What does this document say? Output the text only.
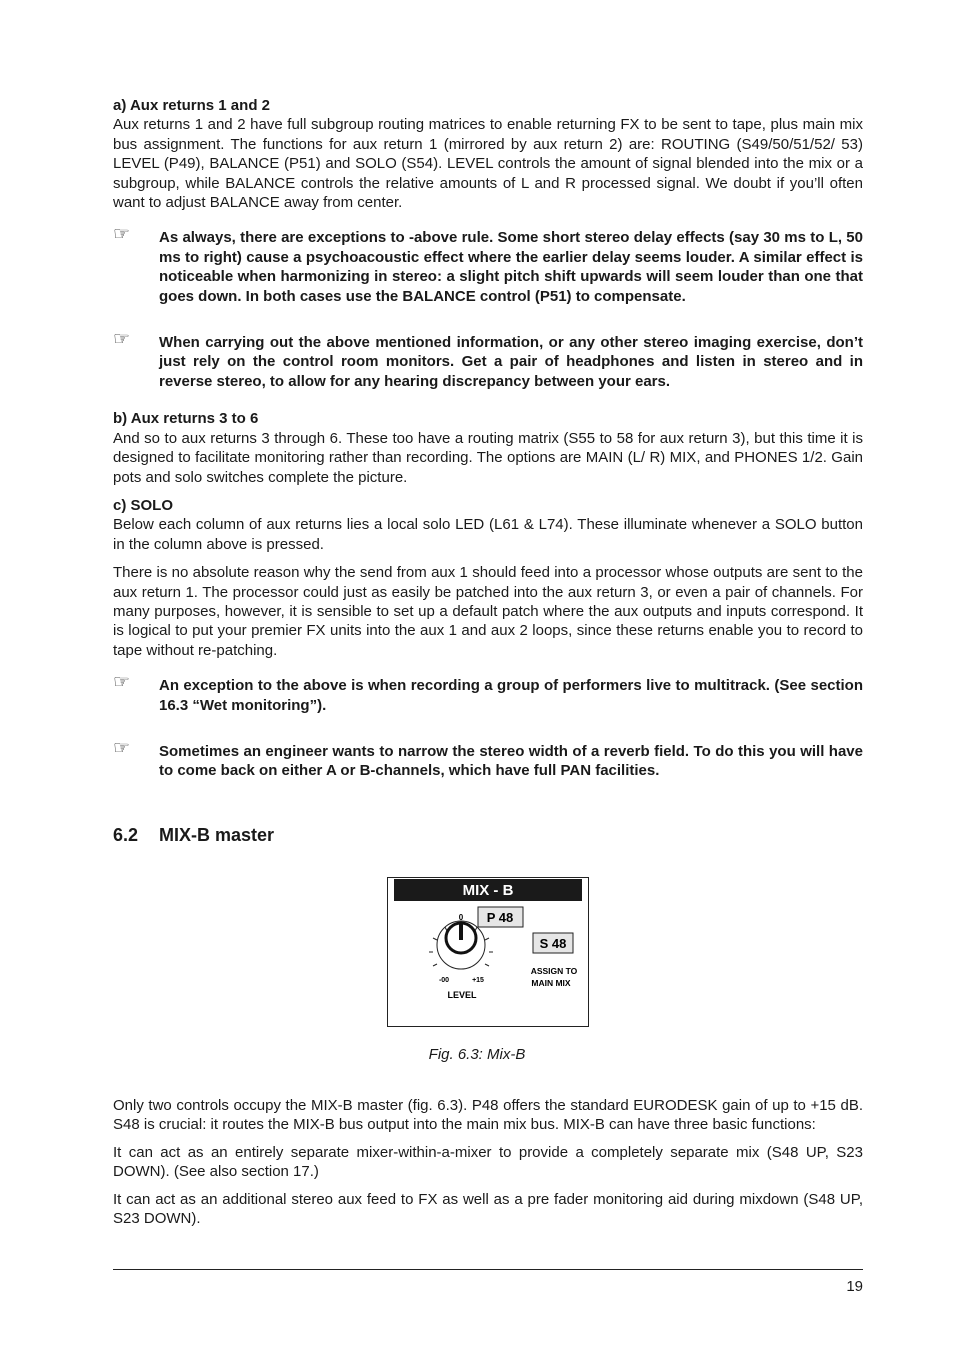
a) Aux returns 1 and 2

Aux returns 1 and 2 have full subgroup routing matrices to enable returning FX to be sent to tape, plus main mix bus assignment. The functions for aux return 1 (mirrored by aux return 2) are: ROUTING (S49/50/51/52/ 53) LEVEL (P49), BALANCE (P51) and SOLO (S54). LEVEL controls the amount of signal blended into the mix or a subgroup, while BALANCE controls the relative amounts of L and R processed signal. We doubt if you’ll often want to adjust BALANCE away from center.

☞ As always, there are exceptions to -above rule. Some short stereo delay effects (say 30 ms to L, 50 ms to right) cause a psychoacoustic effect where the earlier delay seems louder. A similar effect is noticeable when harmonizing in stereo: a slight pitch shift upwards will seem louder than one that goes down. In both cases use the BALANCE control (P51) to compensate.
☞ When carrying out the above mentioned information, or any other stereo imaging exercise, don’t just rely on the control room monitors. Get a pair of headphones and listen in stereo and in reverse stereo, to allow for any hearing discrepancy between your ears.
b) Aux returns 3 to 6

And so to aux returns 3 through 6. These too have a routing matrix (S55 to 58 for aux return 3), but this time it is designed to facilitate monitoring rather than recording. The options are MAIN (L/ R) MIX, and PHONES 1/2. Gain pots and solo switches complete the picture.

c) SOLO

Below each column of aux returns lies a local solo LED (L61 & L74). These illuminate whenever a SOLO button in the column above is pressed.

There is no absolute reason why the send from aux 1 should feed into a processor whose outputs are sent to the aux return 1. The processor could just as easily be patched into the aux return 3, or even a pair of channels. For many purposes, however, it is sensible to set up a default patch where the aux outputs and inputs correspond. It is logical to put your premier FX units into the aux 1 and aux 2 loops, since these returns enable you to record to tape without re-patching.

☞ An exception to the above is when recording a group of performers live to multitrack. (See section 16.3 “Wet monitoring”).
☞ Sometimes an engineer wants to narrow the stereo width of a reverb field. To do this you will have to come back on either A or B-channels, which have full PAN facilities.
6.2 MIX-B master
MIX - B
0 P 48
S 48
-00	+15
LEVEL
ASSIGN TO
MAIN MIX
Fig. 6.3: Mix-B

Only two controls occupy the MIX-B master (fig. 6.3). P48 offers the standard EURODESK gain of up to +15 dB. S48 is crucial: it routes the MIX-B bus output into the main mix bus. MIX-B can have three basic functions:

It can act as an entirely separate mixer-within-a-mixer to provide a completely separate mix (S48 UP, S23 DOWN). (See also section 17.)

It can act as an additional stereo aux feed to FX as well as a pre fader monitoring aid during mixdown (S48 UP, S23 DOWN).

19
